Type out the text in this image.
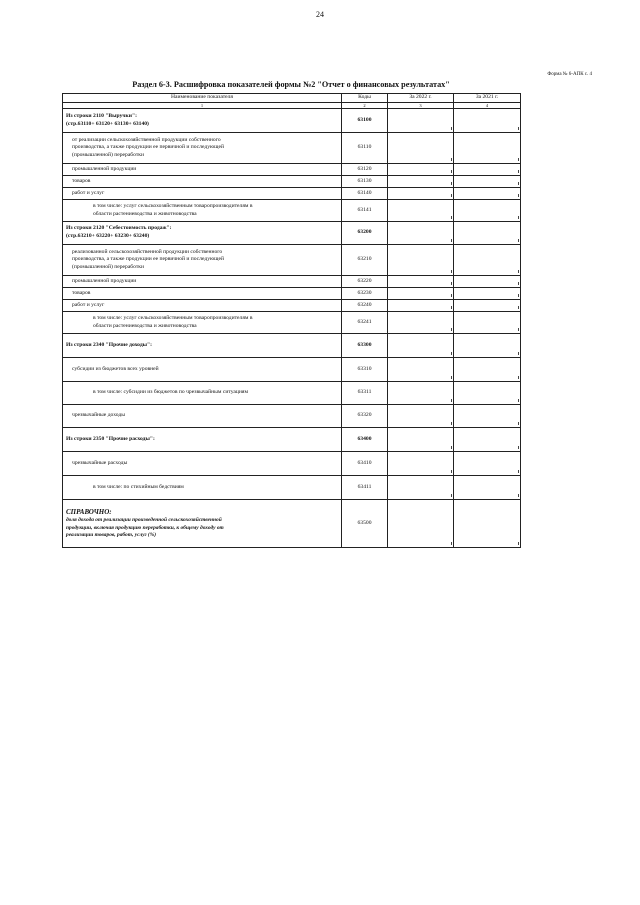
24
Форма № 6-АПК с. 4
Раздел 6-3. Расшифровка показателей формы №2 "Отчет о финансовых результатах"
Наименование показателя	Коды	За 2022 г.	За 2021 г.
1	2	3	4

Из строки 2110 "Выручки":
(стр.63110+ 63120+ 63130+ 63140)	63100		

от реализации сельскохозяйственной продукции собственного
производства, а также продукции ее первичной и последующей
(промышленной) переработки	63110		

промышленной продукции	63120		

товаров	63130		

работ и услуг	63140		

в том числе: услуг сельскохозяйственным товаропроизводителям в
области растениеводства и животноводства	63141		

Из строки 2120 "Себестоимость продаж":
(стр.63210+ 63220+ 63230+ 63240)	63200		

реализованной сельскохозяйственной продукции собственного
производства, а также продукции ее первичной и последующей
(промышленной) переработки	63210		

промышленной продукции	63220		

товаров	63230		

работ и услуг	63240		

в том числе: услуг сельскохозяйственным товаропроизводителям в
области растениеводства и животноводства	63241		

Из строки 2340 "Прочие доходы":	63300		

субсидии из бюджетов всех уровней	63310		

в том числе: субсидии из бюджетов по чрезвычайным ситуациям	63311		

чрезвычайные доходы	63320		

Из строки 2350 "Прочие расходы":	63400		

чрезвычайные расходы	63410		

в том числе: по стихийным бедствиям	63411		

СПРАВОЧНО:
доля дохода от реализации произведенной сельскохозяйственной
продукции, включая продукцию переработки, к общему доходу от
реализации товаров, работ, услуг (%)	63500		
